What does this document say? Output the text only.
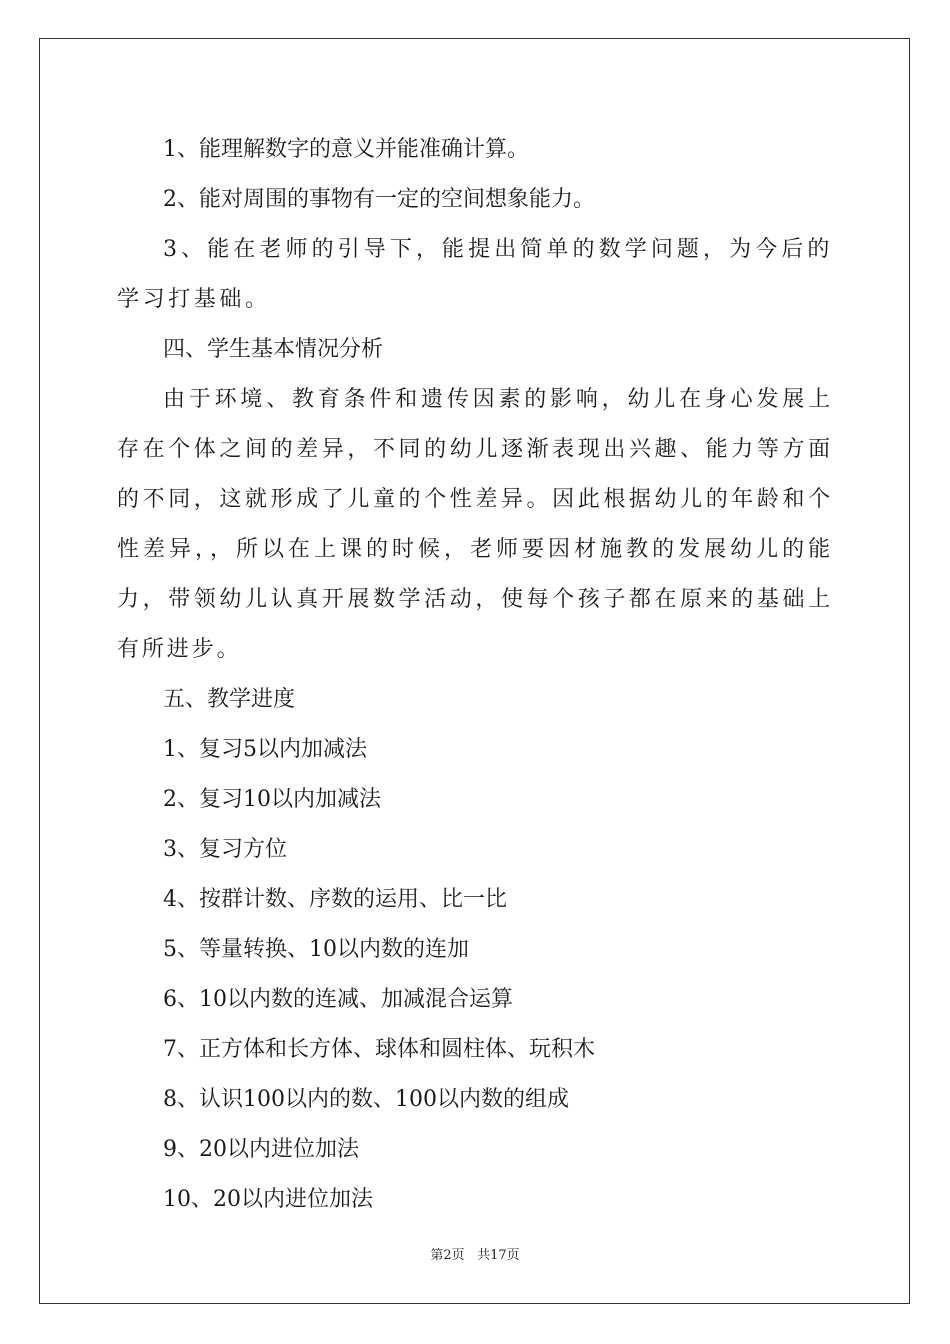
1、能理解数字的意义并能准确计算。
2、能对周围的事物有一定的空间想象能力。

3、能在老师的引导下，能提出简单的数学问题，为今后的学习打基础。

四、学生基本情况分析

由于环境、教育条件和遗传因素的影响，幼儿在身心发展上存在个体之间的差异，不同的幼儿逐渐表现出兴趣、能力等方面的不同，这就形成了儿童的个性差异。因此根据幼儿的年龄和个性差异，，所以在上课的时候，老师要因材施教的发展幼儿的能力，带领幼儿认真开展数学活动，使每个孩子都在原来的基础上有所进步。

五、教学进度
1、复习5以内加减法
2、复习10以内加减法
3、复习方位
4、按群计数、序数的运用、比一比
5、等量转换、10以内数的连加
6、10以内数的连减、加减混合运算
7、正方体和长方体、球体和圆柱体、玩积木
8、认识100以内的数、100以内数的组成
9、20以内进位加法
10、20以内进位加法
第2页 共17页
